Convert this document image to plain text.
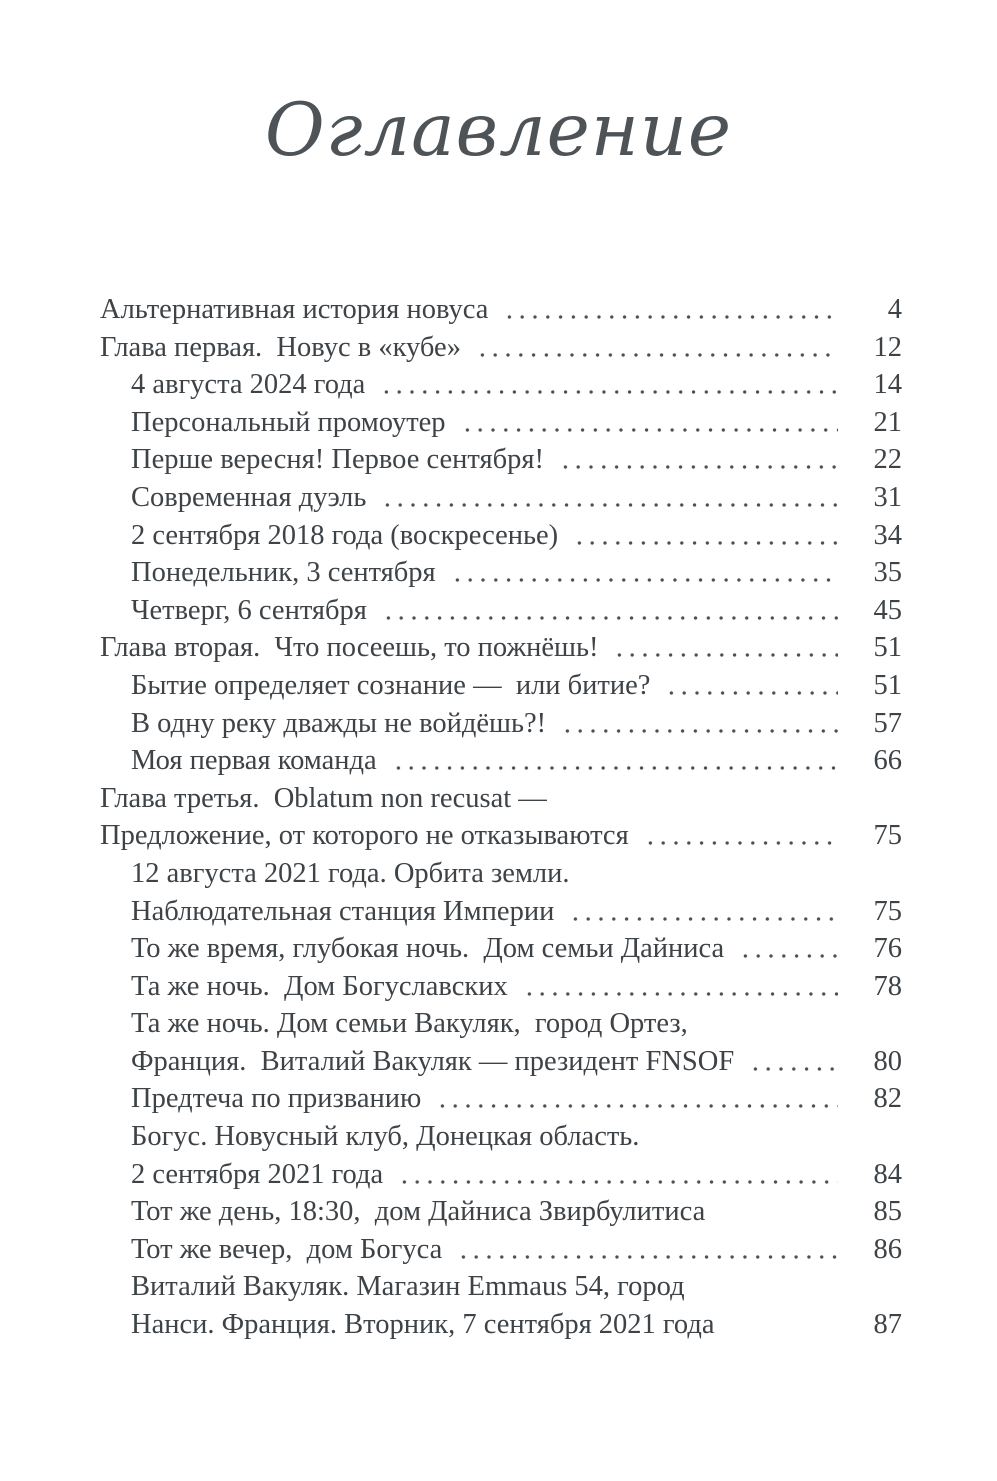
Оглавление
Альтернативная история новуса	4
Глава первая.  Новус в «кубе»	12
4 августа 2024 года	14
Персональный промоутер	21
Перше вересня! Первое сентября!	22
Современная дуэль	31
2 сентября 2018 года (воскресенье)	34
Понедельник, 3 сентября	35
Четверг, 6 сентября	45
Глава вторая.  Что посеешь, то пожнёшь!	51
Бытие определяет сознание —  или битие?	51
В одну реку дважды не войдёшь?!	57
Моя первая команда	66
Глава третья.  Oblatum non recusat —
Предложение, от которого не отказываются	75
12 августа 2021 года. Орбита земли.
Наблюдательная станция Империи	75
То же время, глубокая ночь.  Дом семьи Дайниса	76
Та же ночь.  Дом Богуславских	78
Та же ночь. Дом семьи Вакуляк,  город Ортез,
Франция.  Виталий Вакуляк — президент FNSOF	80
Предтеча по призванию	82
Богус. Новусный клуб, Донецкая область.
2 сентября 2021 года	84
Тот же день, 18:30,  дом Дайниса Звирбулитиса	85
Тот же вечер,  дом Богуса	86
Виталий Вакуляк. Магазин Emmaus 54, город
Нанси. Франция. Вторник, 7 сентября 2021 года	87
